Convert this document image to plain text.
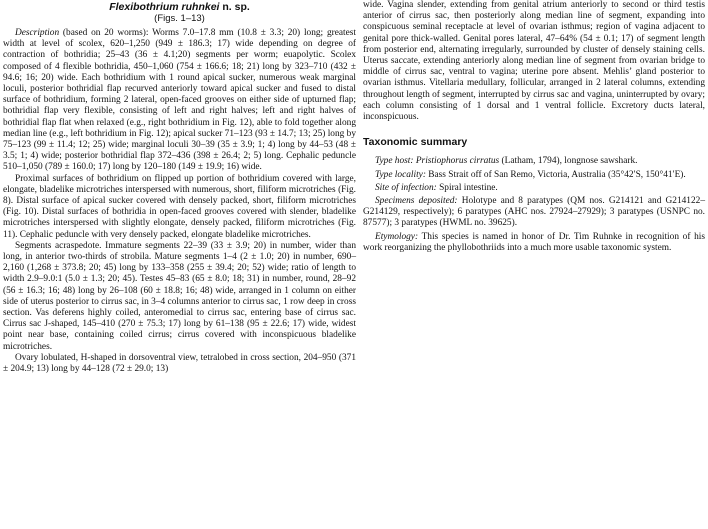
Flexibothrium ruhnkei n. sp.
(Figs. 1–13)

Description (based on 20 worms): Worms 7.0–17.8 mm (10.8 ± 3.3; 20) long; greatest width at level of scolex, 620–1,250 (949 ± 186.3; 17) wide depending on degree of contraction of bothridia; 25–43 (36 ± 4.1;20) segments per worm; euapolytic. Scolex composed of 4 flexible bothridia, 450–1,060 (754 ± 166.6; 18; 21) long by 323–710 (432 ± 94.6; 16; 20) wide. Each bothridium with 1 round apical sucker, numerous weak marginal loculi, posterior bothridial flap recurved anteriorly toward apical sucker and fused to distal surface of bothridium, forming 2 lateral, open-faced grooves on either side of upturned flap; bothridial flap very flexible, consisting of left and right halves; left and right halves of bothridial flap flat when relaxed (e.g., right bothridium in Fig. 12), able to fold together along median line (e.g., left bothridium in Fig. 12); apical sucker 71–123 (93 ± 14.7; 13; 25) long by 75–123 (99 ± 11.4; 12; 25) wide; marginal loculi 30–39 (35 ± 3.9; 1; 4) long by 44–53 (48 ± 3.5; 1; 4) wide; posterior bothridial flap 372–436 (398 ± 26.4; 2; 5) long. Cephalic peduncle 510–1,050 (789 ± 160.0; 17) long by 120–180 (149 ± 19.9; 16) wide.

Proximal surfaces of bothridium on flipped up portion of bothridium covered with large, elongate, bladelike microtriches interspersed with numerous, short, filiform microtriches (Fig. 8). Distal surface of apical sucker covered with densely packed, short, filiform microtriches (Fig. 10). Distal surfaces of bothridia in open-faced grooves covered with slender, bladelike microtriches interspersed with slightly elongate, densely packed, filiform microtriches (Fig. 11). Cephalic peduncle with very densely packed, elongate bladelike microtriches.

Segments acraspedote. Immature segments 22–39 (33 ± 3.9; 20) in number, wider than long, in anterior two-thirds of strobila. Mature segments 1–4 (2 ± 1.0; 20) in number, 690–2,160 (1,268 ± 373.8; 20; 45) long by 133–358 (255 ± 39.4; 20; 52) wide; ratio of length to width 2.9–9.0:1 (5.0 ± 1.3; 20; 45). Testes 45–83 (65 ± 8.0; 18; 31) in number, round, 28–92 (56 ± 16.3; 16; 48) long by 26–108 (60 ± 18.8; 16; 48) wide, arranged in 1 column on either side of uterus posterior to cirrus sac, in 3–4 columns anterior to cirrus sac, 1 row deep in cross section. Vas deferens highly coiled, anteromedial to cirrus sac, entering base of cirrus sac. Cirrus sac J-shaped, 145–410 (270 ± 75.3; 17) long by 61–138 (95 ± 22.6; 17) wide, widest point near base, containing coiled cirrus; cirrus covered with inconspicuous bladelike microtriches.

Ovary lobulated, H-shaped in dorsoventral view, tetralobed in cross section, 204–950 (371 ± 204.9; 13) long by 44–128 (72 ± 29.0; 13)

wide. Vagina slender, extending from genital atrium anteriorly to second or third testis anterior of cirrus sac, then posteriorly along median line of segment, expanding into conspicuous seminal receptacle at level of ovarian isthmus; region of vagina adjacent to genital pore thick-walled. Genital pores lateral, 47–64% (54 ± 0.1; 17) of segment length from posterior end, alternating irregularly, surrounded by cluster of densely staining cells. Uterus saccate, extending anteriorly along median line of segment from ovarian bridge to middle of cirrus sac, ventral to vagina; uterine pore absent. Mehlis’ gland posterior to ovarian isthmus. Vitellaria medullary, follicular, arranged in 2 lateral columns, extending throughout length of segment, interrupted by cirrus sac and vagina, uninterrupted by ovary; each column consisting of 1 dorsal and 1 ventral follicle. Excretory ducts lateral, inconspicuous.

Taxonomic summary

Type host: Pristiophorus cirratus (Latham, 1794), longnose sawshark.

Type locality: Bass Strait off of San Remo, Victoria, Australia (35°42′S, 150°41′E).

Site of infection: Spiral intestine.

Specimens deposited: Holotype and 8 paratypes (QM nos. G214121 and G214122–G214129, respectively); 6 paratypes (AHC nos. 27924–27929); 3 paratypes (USNPC no. 87577); 3 paratypes (HWML no. 39625).

Etymology: This species is named in honor of Dr. Tim Ruhnke in recognition of his work reorganizing the phyllobothriids into a much more usable taxonomic system.
